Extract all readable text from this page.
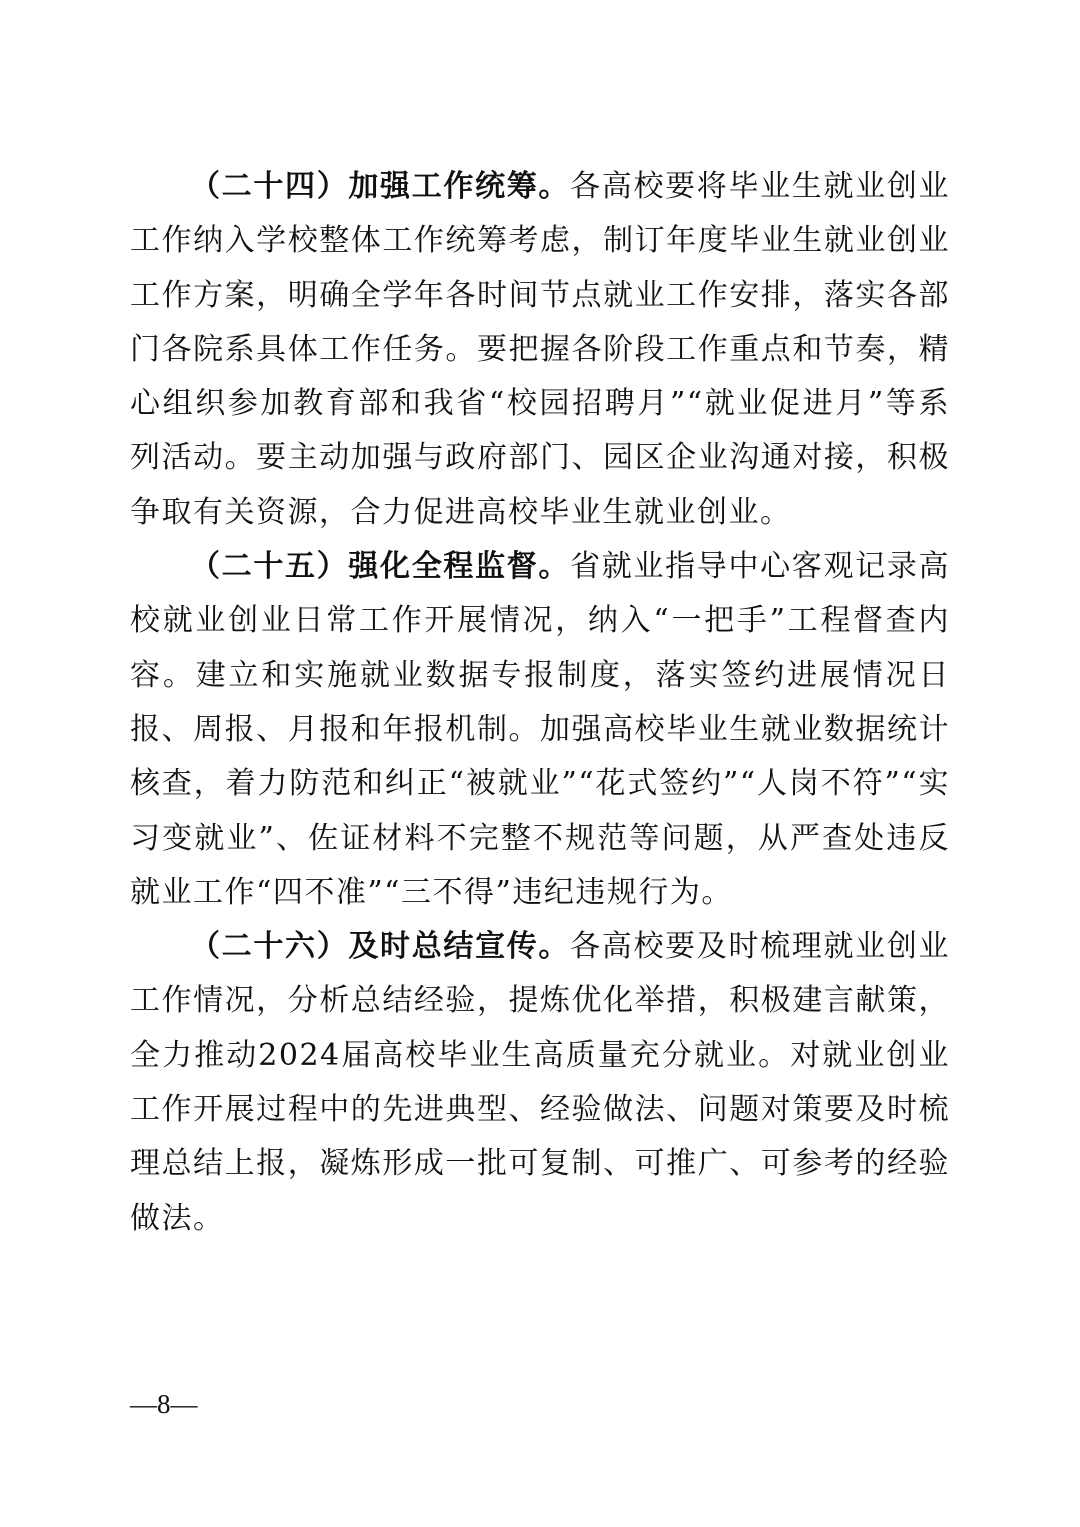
（二十四）加强工作统筹。各高校要将毕业生就业创业工作纳入学校整体工作统筹考虑，制订年度毕业生就业创业工作方案，明确全学年各时间节点就业工作安排，落实各部门各院系具体工作任务。要把握各阶段工作重点和节奏，精心组织参加教育部和我省“校园招聘月”“就业促进月”等系列活动。要主动加强与政府部门、园区企业沟通对接，积极争取有关资源，合力促进高校毕业生就业创业。

（二十五）强化全程监督。省就业指导中心客观记录高校就业创业日常工作开展情况，纳入“一把手”工程督查内容。建立和实施就业数据专报制度，落实签约进展情况日报、周报、月报和年报机制。加强高校毕业生就业数据统计核查，着力防范和纠正“被就业”“花式签约”“人岗不符”“实习变就业”、佐证材料不完整不规范等问题，从严查处违反就业工作“四不准”“三不得”违纪违规行为。

（二十六）及时总结宣传。各高校要及时梳理就业创业工作情况，分析总结经验，提炼优化举措，积极建言献策，全力推动2024届高校毕业生高质量充分就业。对就业创业工作开展过程中的先进典型、经验做法、问题对策要及时梳理总结上报，凝炼形成一批可复制、可推广、可参考的经验做法。

—8—
